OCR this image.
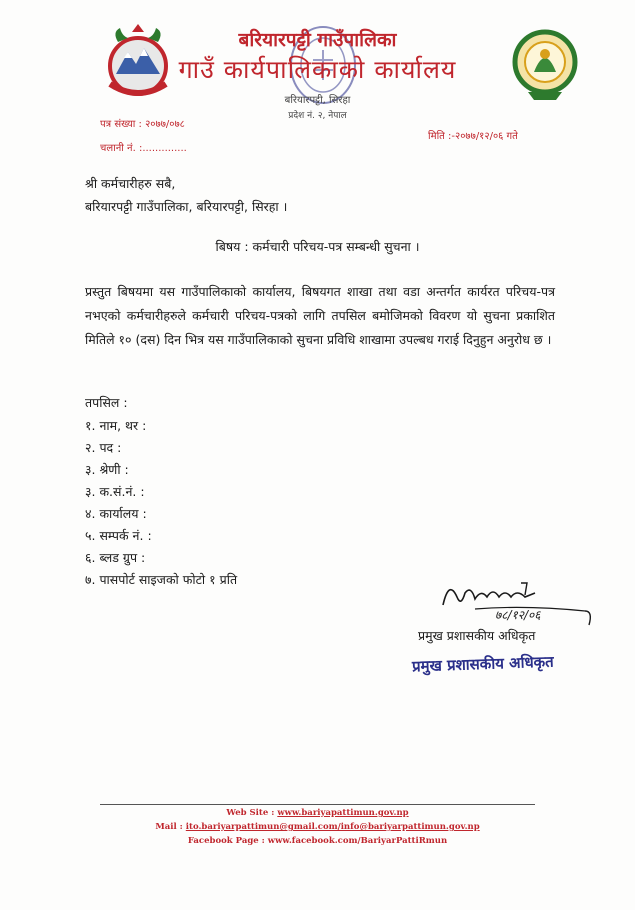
बरियारपट्टी गाउँपालिका
गाउँ कार्यपालिकाको कार्यालय
बरियारपट्टी, सिरहा
प्रदेश नं. २, नेपाल
पत्र संख्या : २०७७/०७८
चलानी नं. :..............
मिति :-२०७७/१२/०६ गते
श्री कर्मचारीहरु सबै,
बरियारपट्टी गाउँपालिका, बरियारपट्टी, सिरहा ।
बिषय : कर्मचारी परिचय-पत्र सम्बन्धी सुचना ।
प्रस्तुत बिषयमा यस गाउँपालिकाको कार्यालय, बिषयगत शाखा तथा वडा अन्तर्गत कार्यरत परिचय-पत्र नभएको कर्मचारीहरुले कर्मचारी परिचय-पत्रको लागि तपसिल बमोजिमको विवरण यो सुचना प्रकाशित मितिले १० (दस) दिन भित्र यस गाउँपालिकाको सुचना प्रविधि शाखामा उपल्बध गराई दिनुहुन अनुरोध छ ।
तपसिल :
१. नाम, थर :
२. पद :
३. श्रेणी :
३. क.सं.नं. :
४. कार्यालय :
५. सम्पर्क नं. :
६. ब्लड ग्रुप :
७. पासपोर्ट साइजको फोटो १ प्रति
७८/१२/०६
प्रमुख प्रशासकीय अधिकृत
प्रमुख प्रशासकीय अधिकृत
Web Site : www.bariyapattimun.gov.np
Mail : ito.bariyarpattimun@gmail.com/info@bariyarpattimun.gov.np
Facebook Page : www.facebook.com/BariyarPattiRmun
